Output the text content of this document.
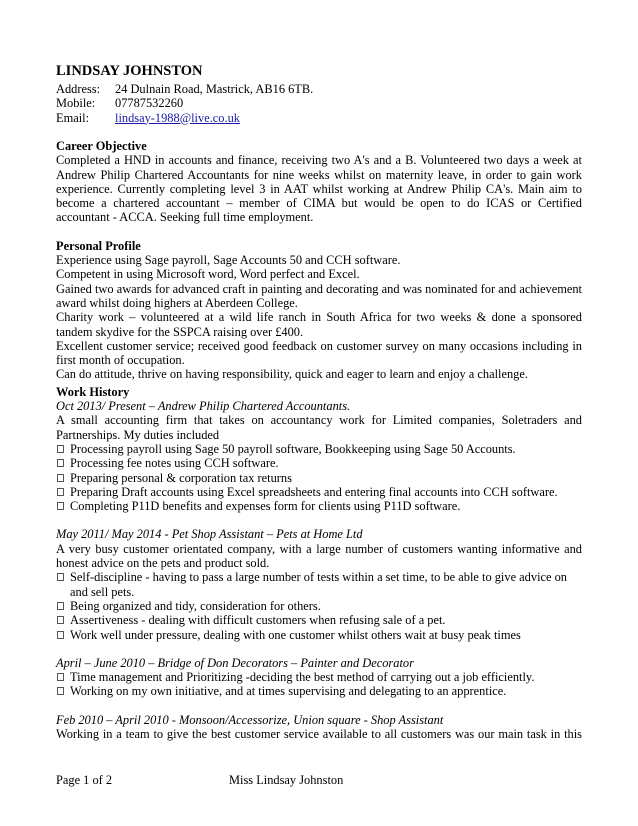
LINDSAY JOHNSTON
Address:	24 Dulnain Road, Mastrick, AB16 6TB.
Mobile:	07787532260
Email:	lindsay-1988@live.co.uk
Career Objective
Completed a HND in accounts and finance, receiving two A's and a B. Volunteered two days a week at Andrew Philip Chartered Accountants for nine weeks whilst on maternity leave, in order to gain work experience. Currently completing level 3 in AAT whilst working at Andrew Philip CA's. Main aim to become a chartered accountant – member of CIMA but would be open to do ICAS or Certified accountant - ACCA. Seeking full time employment.
Personal Profile
Experience using Sage payroll, Sage Accounts 50 and CCH software.
Competent in using Microsoft word, Word perfect and Excel.
Gained two awards for advanced craft in painting and decorating and was nominated for and achievement award whilst doing highers at Aberdeen College.
Charity work – volunteered at a wild life ranch in South Africa for two weeks & done a sponsored tandem skydive for the SSPCA raising over £400.
Excellent customer service; received good feedback on customer survey on many occasions including in first month of occupation.
Can do attitude, thrive on having responsibility, quick and eager to learn and enjoy a challenge.
Work History
Oct 2013/ Present – Andrew Philip Chartered Accountants.
A small accounting firm that takes on accountancy work for Limited companies, Soletraders and Partnerships. My duties included
Processing payroll using Sage 50 payroll software, Bookkeeping using Sage 50 Accounts.
Processing fee notes using CCH software.
Preparing personal & corporation tax returns
Preparing Draft accounts using Excel spreadsheets and entering final accounts into CCH software.
Completing P11D benefits and expenses form for clients using P11D software.
May 2011/ May 2014 - Pet Shop Assistant – Pets at Home Ltd
A very busy customer orientated company, with a large number of customers wanting informative and honest advice on the pets and product sold.
Self-discipline - having to pass a large number of tests within a set time, to be able to give advice on and sell pets.
Being organized and tidy, consideration for others.
Assertiveness - dealing with difficult customers when refusing sale of a pet.
Work well under pressure, dealing with one customer whilst others wait at busy peak times
April – June 2010 – Bridge of Don Decorators – Painter and Decorator
Time management and Prioritizing -deciding the best method of carrying out a job efficiently.
Working on my own initiative, and at times supervising and delegating to an apprentice.
Feb 2010 – April 2010 - Monsoon/Accessorize, Union square - Shop Assistant
Working in a team to give the best customer service available to all customers was our main task in this
Page 1 of 2	Miss Lindsay Johnston
